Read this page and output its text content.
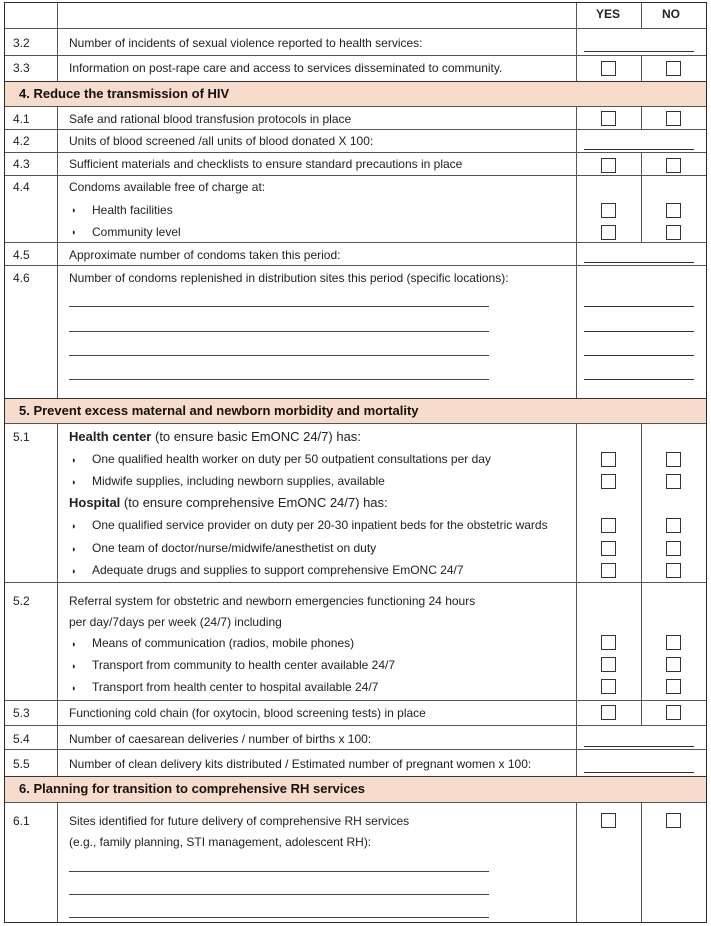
YES	NO
3.2	Number of incidents of sexual violence reported to health services:
3.3	Information on post-rape care and access to services disseminated to community.
4. Reduce the transmission of HIV
4.1	Safe and rational blood transfusion protocols in place
4.2	Units of blood screened /all units of blood donated X 100:
4.3	Sufficient materials and checklists to ensure standard precautions in place
4.4	Condoms available free of charge at:
◗ Health facilities
◗ Community level
4.5	Approximate number of condoms taken this period:
4.6	Number of condoms replenished in distribution sites this period (specific locations):
5. Prevent excess maternal and newborn morbidity and mortality
5.1	Health center (to ensure basic EmONC 24/7) has:
◗ One qualified health worker on duty per 50 outpatient consultations per day
◗ Midwife supplies, including newborn supplies, available
Hospital (to ensure comprehensive EmONC 24/7) has:
◗ One qualified service provider on duty per 20-30 inpatient beds for the obstetric wards
◗ One team of doctor/nurse/midwife/anesthetist on duty
◗ Adequate drugs and supplies to support comprehensive EmONC 24/7
5.2	Referral system for obstetric and newborn emergencies functioning 24 hours
per day/7days per week (24/7) including
◗ Means of communication (radios, mobile phones)
◗ Transport from community to health center available 24/7
◗ Transport from health center to hospital available 24/7
5.3	Functioning cold chain (for oxytocin, blood screening tests) in place
5.4	Number of caesarean deliveries / number of births x 100:
5.5	Number of clean delivery kits distributed / Estimated number of pregnant women x 100:
6. Planning for transition to comprehensive RH services
6.1	Sites identified for future delivery of comprehensive RH services
(e.g., family planning, STI management, adolescent RH):
